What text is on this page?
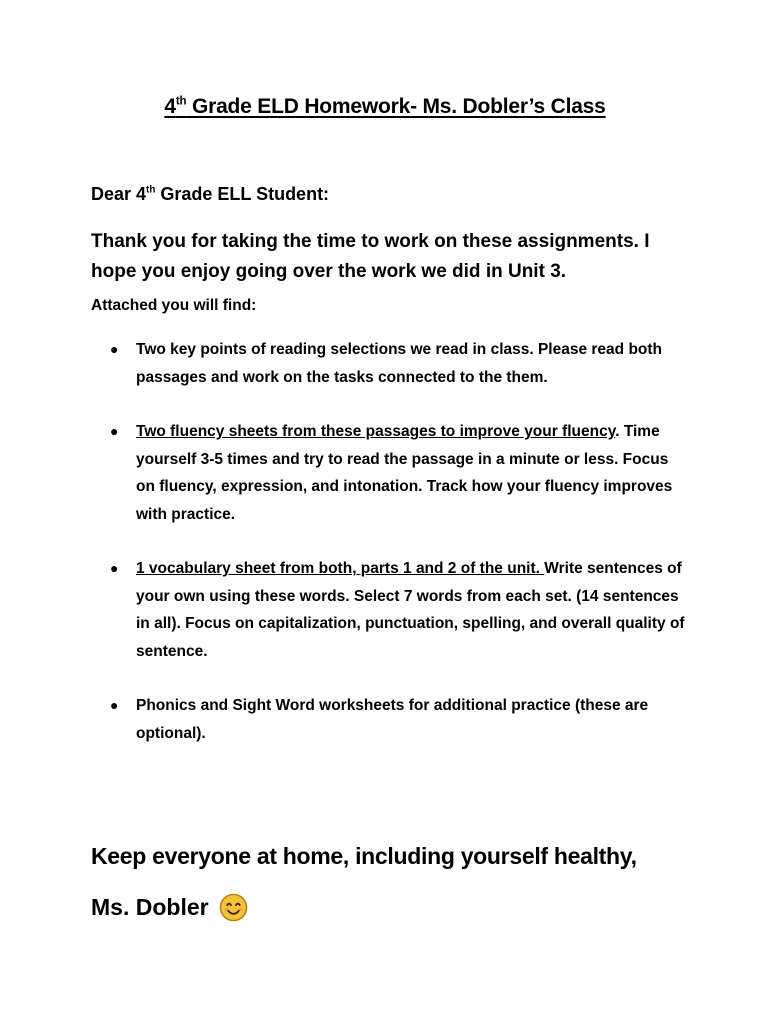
4th Grade ELD Homework- Ms. Dobler’s Class
Dear 4th Grade ELL Student:
Thank you for taking the time to work on these assignments. I hope you enjoy going over the work we did in Unit 3.
Attached you will find:
● Two key points of reading selections we read in class. Please read both passages and work on the tasks connected to the them.
● Two fluency sheets from these passages to improve your fluency. Time yourself 3-5 times and try to read the passage in a minute or less. Focus on fluency, expression, and intonation. Track how your fluency improves with practice.
● 1 vocabulary sheet from both, parts 1 and 2 of the unit. Write sentences of your own using these words. Select 7 words from each set. (14 sentences in all). Focus on capitalization, punctuation, spelling, and overall quality of sentence.
● Phonics and Sight Word worksheets for additional practice (these are optional).
Keep everyone at home, including yourself healthy,
Ms. Dobler
